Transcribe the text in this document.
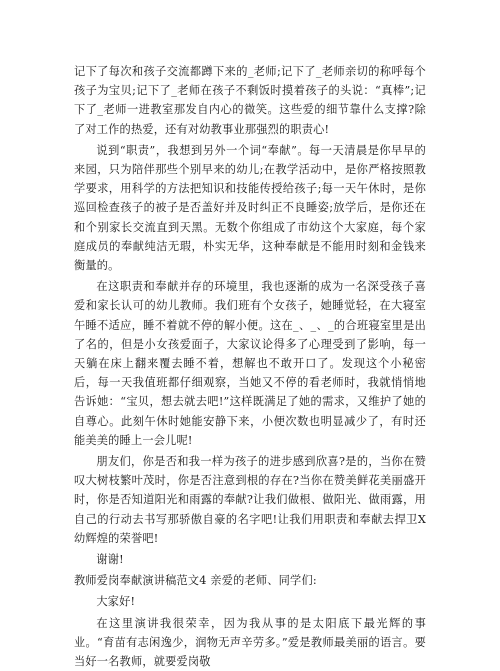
记下了每次和孩子交流都蹲下来的_老师;记下了_老师亲切的称呼每个孩子为宝贝;记下了_老师在孩子不剩饭时摸着孩子的头说：“真棒”;记下了_老师一进教室那发自内心的微笑。这些爱的细节靠什么支撑?除了对工作的热爱，还有对幼教事业那强烈的职责心!

说到“职责”，我想到另外一个词“奉献”。每一天清晨是你早早的来园，只为陪伴那些个别早来的幼儿;在教学活动中，是你严格按照教学要求，用科学的方法把知识和技能传授给孩子;每一天午休时，是你巡回检查孩子的被子是否盖好并及时纠正不良睡姿;放学后，是你还在和个别家长交流直到天黑。无数个你组成了市幼这个大家庭，每个家庭成员的奉献纯洁无瑕，朴实无华，这种奉献是不能用时刻和金钱来衡量的。

在这职责和奉献并存的环境里，我也逐渐的成为一名深受孩子喜爱和家长认可的幼儿教师。我们班有个女孩子，她睡觉轻，在大寝室午睡不适应，睡不着就不停的解小便。这在_、_、_的合班寝室里是出了名的，但是小女孩爱面子，大家议论得多了心理受到了影响，每一天躺在床上翻来覆去睡不着，想解也不敢开口了。发现这个小秘密后，每一天我值班都仔细观察，当她又不停的看老师时，我就悄悄地告诉她：“宝贝，想去就去吧!”这样既满足了她的需求，又维护了她的自尊心。此刻午休时她能安静下来，小便次数也明显减少了，有时还能美美的睡上一会儿呢!

朋友们，你是否和我一样为孩子的进步感到欣喜?是的，当你在赞叹大树枝繁叶茂时，你是否注意到根的存在?当你在赞美鲜花美丽盛开时，你是否知道阳光和雨露的奉献?让我们做根、做阳光、做雨露，用自己的行动去书写那骄傲自豪的名字吧!让我们用职责和奉献去捍卫X幼辉煌的荣誉吧!

谢谢!

教师爱岗奉献演讲稿范文4 亲爱的老师、同学们:

大家好!

在这里演讲我很荣幸，因为我从事的是太阳底下最光辉的事业。“育苗有志闲逸少，润物无声辛劳多。”爱是教师最美丽的语言。要当好一名教师，就要爱岗敬
